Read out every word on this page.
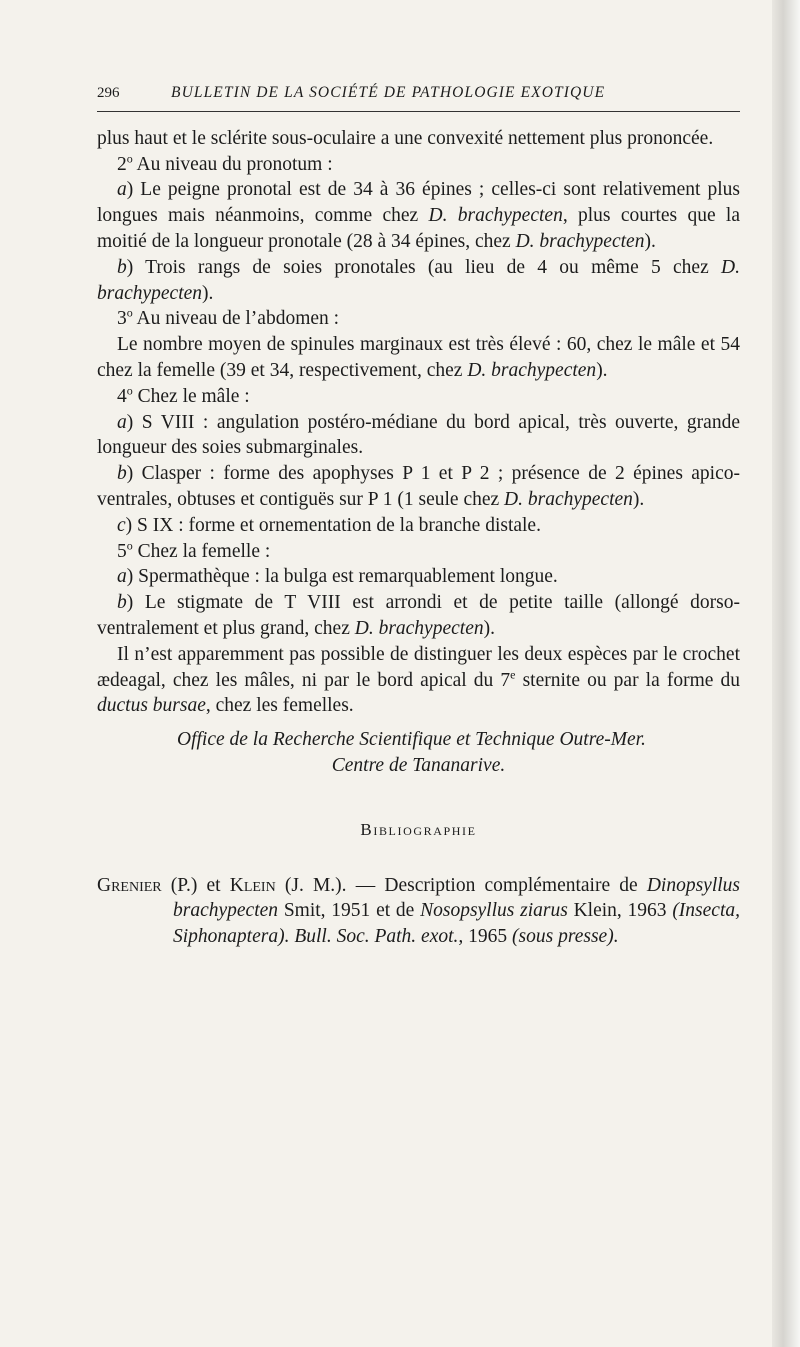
296	BULLETIN DE LA SOCIÉTÉ DE PATHOLOGIE EXOTIQUE

plus haut et le sclérite sous-oculaire a une convexité nettement plus prononcée.

2$^o$ Au niveau du pronotum :

a) Le peigne pronotal est de 34 à 36 épines ; celles-ci sont relativement plus longues mais néanmoins, comme chez D. brachypecten, plus courtes que la moitié de la longueur pronotale (28 à 34 épines, chez D. brachypecten).

b) Trois rangs de soies pronotales (au lieu de 4 ou même 5 chez D. brachypecten).

3$^o$ Au niveau de l’abdomen :

Le nombre moyen de spinules marginaux est très élevé : 60, chez le mâle et 54 chez la femelle (39 et 34, respectivement, chez D. brachypecten).

4$^o$ Chez le mâle :

a) S VIII : angulation postéro-médiane du bord apical, très ouverte, grande longueur des soies submarginales.

b) Clasper : forme des apophyses P 1 et P 2 ; présence de 2 épines apico-ventrales, obtuses et contiguës sur P 1 (1 seule chez D. brachypecten).

c) S IX : forme et ornementation de la branche distale.

5$^o$ Chez la femelle :

a) Spermathèque : la bulga est remarquablement longue.

b) Le stigmate de T VIII est arrondi et de petite taille (allongé dorso-ventralement et plus grand, chez D. brachypecten).

Il n’est apparemment pas possible de distinguer les deux espèces par le crochet ædeagal, chez les mâles, ni par le bord apical du 7e sternite ou par la forme du ductus bursae, chez les femelles.

Office de la Recherche Scientifique et Technique Outre-Mer.

Centre de Tananarive.

Bibliographie

Grenier (P.) et Klein (J. M.). — Description complémentaire de Dinopsyllus brachypecten Smit, 1951 et de Nosopsyllus ziarus Klein, 1963 (Insecta, Siphonaptera). Bull. Soc. Path. exot., 1965 (sous presse).
